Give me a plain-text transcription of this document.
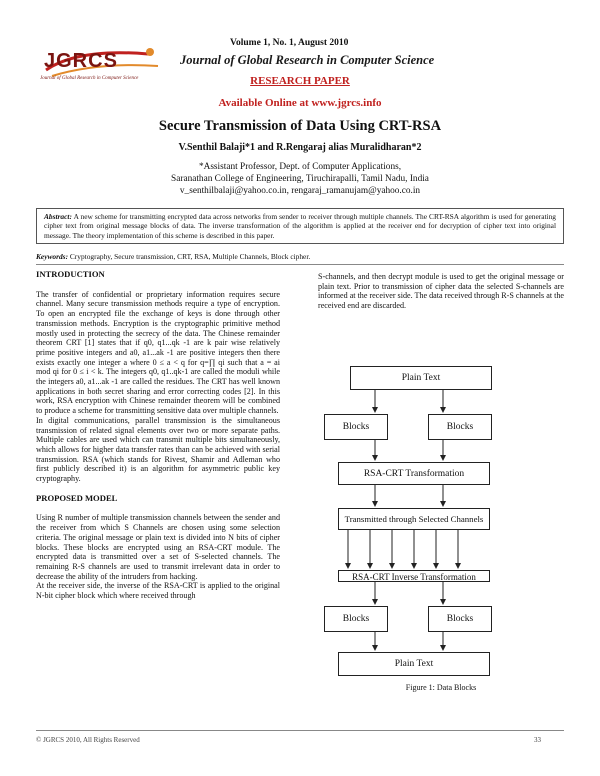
JGRCS
Journal of Global Research in Computer Science
Volume 1, No. 1, August 2010
Journal of Global Research in Computer Science
RESEARCH PAPER
Available Online at www.jgrcs.info
Secure Transmission of Data Using CRT-RSA
V.Senthil Balaji*1 and R.Rengaraj alias Muralidharan*2
*Assistant Professor, Dept. of Computer Applications,
Saranathan College of Engineering, Tiruchirapalli, Tamil Nadu, India
v_senthilbalaji@yahoo.co.in, rengaraj_ramanujam@yahoo.co.in
Abstract: A new scheme for transmitting encrypted data across networks from sender to receiver through multiple channels. The CRT-RSA algorithm is used for generating cipher text from original message blocks of data. The inverse transformation of the algorithm is applied at the receiver end for decryption of cipher text into original message. The theory implementation of this scheme is described in this paper.
Keywords: Cryptography, Secure transmission, CRT, RSA, Multiple Channels, Block cipher.

INTRODUCTION

The transfer of confidential or proprietary information requires secure channel. Many secure transmission methods require a type of encryption. To open an encrypted file the exchange of keys is done through other transmission methods. Encryption is the cryptographic primitive method mostly used in protecting the secrecy of the data. The Chinese remainder theorem CRT [1] states that if q0, q1...qk -1 are k pair wise relatively prime positive integers and a0, a1...ak -1 are positive integers then there exists exactly one integer a where 0 ≤ a < q for q=∏ qi such that a = ai mod qi for 0 ≤ i < k. The integers q0, q1..qk-1 are called the moduli while the integers a0, a1...ak -1 are called the residues. The CRT has well known applications in both secret sharing and error correcting codes [2]. In this work, RSA encryption with Chinese remainder theorem will be combined to produce a scheme for transmitting sensitive data over multiple channels.

In digital communications, parallel transmission is the simultaneous transmission of related signal elements over two or more separate paths. Multiple cables are used which can transmit multiple bits simultaneously, which allows for higher data transfer rates than can be achieved with serial transmission. RSA (which stands for Rivest, Shamir and Adleman who first publicly described it) is an algorithm for asymmetric public key cryptography.

PROPOSED MODEL

Using R number of multiple transmission channels between the sender and the receiver from which S Channels are chosen using some selection criteria. The original message or plain text is divided into N bits of cipher blocks. These blocks are encrypted using an RSA-CRT module. The encrypted data is transmitted over a set of S-selected channels. The remaining R-S channels are used to transmit irrelevant data in order to decrease the ability of the intruders from hacking.

At the receiver side, the inverse of the RSA-CRT is applied to the original N-bit cipher block which where received through

S-channels, and then decrypt module is used to get the original message or plain text. Prior to transmission of cipher data the selected S-channels are informed at the receiver side. The data received through R-S channels at the received end are discarded.

Plain Text
Blocks	Blocks
RSA-CRT Transformation
Transmitted through Selected Channels
RSA-CRT Inverse Transformation
Blocks	Blocks
Plain Text
Figure 1: Data Blocks
© JGRCS 2010, All Rights Reserved	33
